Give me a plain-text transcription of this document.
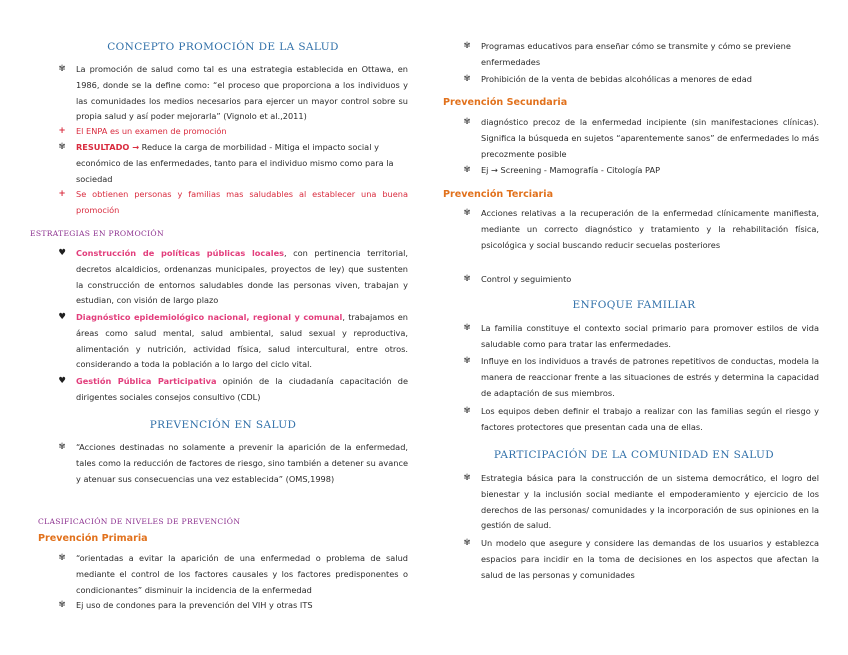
CONCEPTO PROMOCIÓN DE LA SALUD
✾ La promoción de salud como tal es una estrategia establecida en Ottawa, en 1986, donde se la define como: “el proceso que proporciona a los individuos y las comunidades los medios necesarios para ejercer un mayor control sobre su propia salud y así poder mejorarla” (Vignolo et al.,2011)
+ El ENPA es un examen de promoción
✾ RESULTADO → Reduce la carga de morbilidad - Mitiga el impacto social y económico de las enfermedades, tanto para el individuo mismo como para la sociedad
+ Se obtienen personas y familias mas saludables al establecer una buena promoción
ESTRATEGIAS EN PROMOCIÓN
♥ Construcción de políticas públicas locales, con pertinencia territorial, decretos alcaldicios, ordenanzas municipales, proyectos de ley) que sustenten la construcción de entornos saludables donde las personas viven, trabajan y estudian, con visión de largo plazo
♥ Diagnóstico epidemiológico nacional, regional y comunal, trabajamos en áreas como salud mental, salud ambiental, salud sexual y reproductiva, alimentación y nutrición, actividad física, salud intercultural, entre otros. considerando a toda la población a lo largo del ciclo vital.
♥ Gestión Pública Participativa opinión de la ciudadanía capacitación de dirigentes sociales consejos consultivo (CDL)
PREVENCIÓN EN SALUD
✾ “Acciones destinadas no solamente a prevenir la aparición de la enfermedad, tales como la reducción de factores de riesgo, sino también a detener su avance y atenuar sus consecuencias una vez establecida” (OMS,1998)
CLASIFICACIÓN DE NIVELES DE PREVENCIÓN
Prevención Primaria
✾ “orientadas a evitar la aparición de una enfermedad o problema de salud mediante el control de los factores causales y los factores predisponentes o condicionantes” disminuir la incidencia de la enfermedad
✾ Ej uso de condones para la prevención del VIH y otras ITS
✾ Programas educativos para enseñar cómo se transmite y cómo se previene enfermedades
✾ Prohibición de la venta de bebidas alcohólicas a menores de edad
Prevención Secundaria
✾ diagnóstico precoz de la enfermedad incipiente (sin manifestaciones clínicas). Significa la búsqueda en sujetos “aparentemente sanos” de enfermedades lo más precozmente posible
✾ Ej → Screening - Mamografía - Citología PAP
Prevención Terciaria
✾ Acciones relativas a la recuperación de la enfermedad clínicamente manifiesta, mediante un correcto diagnóstico y tratamiento y la rehabilitación física, psicológica y social buscando reducir secuelas posteriores
✾ Control y seguimiento
ENFOQUE FAMILIAR
✾ La familia constituye el contexto social primario para promover estilos de vida saludable como para tratar las enfermedades.
✾ Influye en los individuos a través de patrones repetitivos de conductas, modela la manera de reaccionar frente a las situaciones de estrés y determina la capacidad de adaptación de sus miembros.
✾ Los equipos deben definir el trabajo a realizar con las familias según el riesgo y factores protectores que presentan cada una de ellas.
PARTICIPACIÓN DE LA COMUNIDAD EN SALUD
✾ Estrategia básica para la construcción de un sistema democrático, el logro del bienestar y la inclusión social mediante el empoderamiento y ejercicio de los derechos de las personas/ comunidades y la incorporación de sus opiniones en la gestión de salud.
✾ Un modelo que asegure y considere las demandas de los usuarios y establezca espacios para incidir en la toma de decisiones en los aspectos que afectan la salud de las personas y comunidades
